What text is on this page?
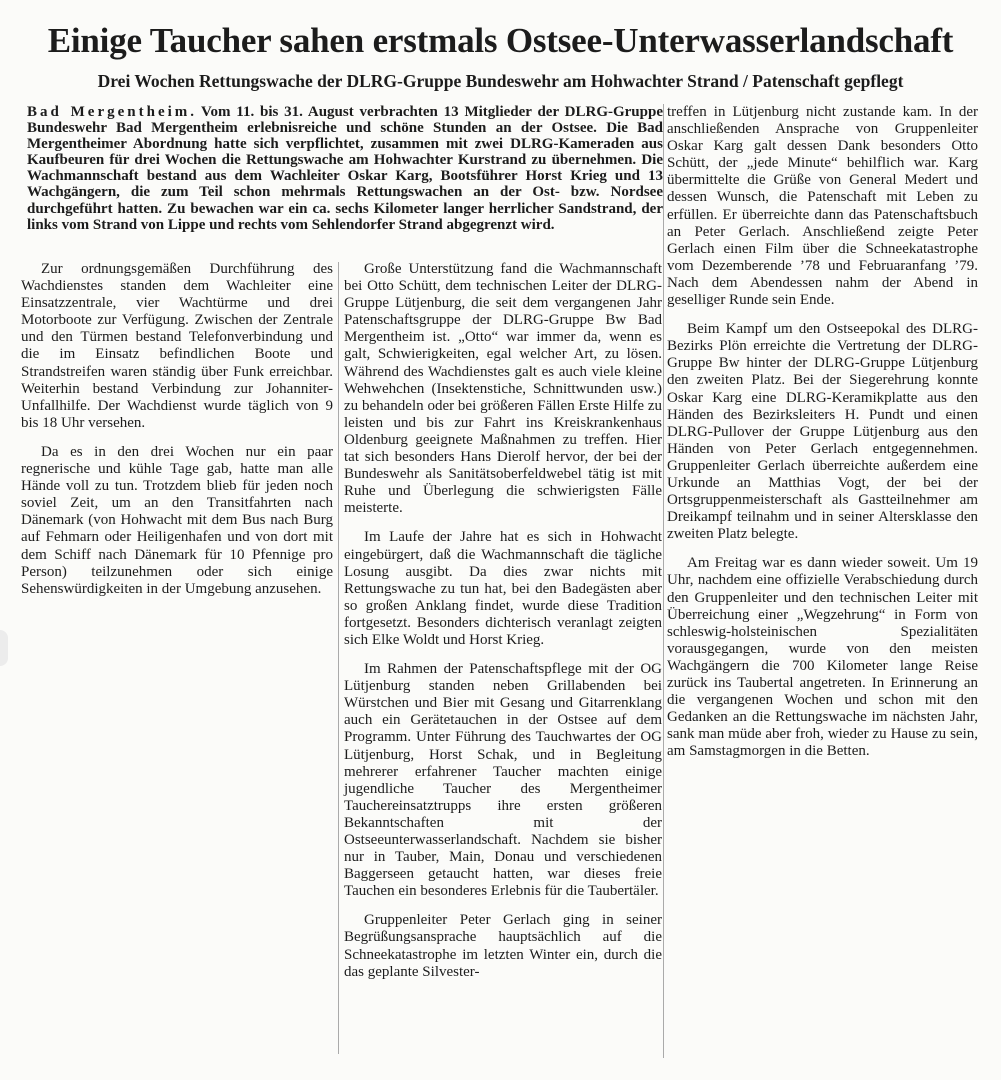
Einige Taucher sahen erstmals Ostsee-Unterwasserlandschaft
Drei Wochen Rettungswache der DLRG-Gruppe Bundeswehr am Hohwachter Strand / Patenschaft gepflegt
Bad Mergentheim. Vom 11. bis 31. August verbrachten 13 Mitglieder der DLRG-Gruppe Bundeswehr Bad Mergentheim erlebnisreiche und schöne Stunden an der Ostsee. Die Bad Mergentheimer Abordnung hatte sich verpflichtet, zusammen mit zwei DLRG-Kameraden aus Kaufbeuren für drei Wochen die Rettungswache am Hohwachter Kurstrand zu übernehmen. Die Wachmannschaft bestand aus dem Wachleiter Oskar Karg, Bootsführer Horst Krieg und 13 Wachgängern, die zum Teil schon mehrmals Rettungswachen an der Ost- bzw. Nordsee durchgeführt hatten. Zu bewachen war ein ca. sechs Kilometer langer herrlicher Sandstrand, der links vom Strand von Lippe und rechts vom Sehlendorfer Strand abgegrenzt wird.

Zur ordnungsgemäßen Durchführung des Wachdienstes standen dem Wachleiter eine Einsatzzentrale, vier Wachtürme und drei Motorboote zur Verfügung. Zwischen der Zentrale und den Türmen bestand Telefonverbindung und die im Einsatz befindlichen Boote und Strandstreifen waren ständig über Funk erreichbar. Weiterhin bestand Verbindung zur Johanniter-Unfallhilfe. Der Wachdienst wurde täglich von 9 bis 18 Uhr versehen.

Da es in den drei Wochen nur ein paar regnerische und kühle Tage gab, hatte man alle Hände voll zu tun. Trotzdem blieb für jeden noch soviel Zeit, um an den Transitfahrten nach Dänemark (von Hohwacht mit dem Bus nach Burg auf Fehmarn oder Heiligenhafen und von dort mit dem Schiff nach Dänemark für 10 Pfennige pro Person) teilzunehmen oder sich einige Sehenswürdigkeiten in der Umgebung anzusehen.

Große Unterstützung fand die Wachmannschaft bei Otto Schütt, dem technischen Leiter der DLRG-Gruppe Lütjenburg, die seit dem vergangenen Jahr Patenschaftsgruppe der DLRG-Gruppe Bw Bad Mergentheim ist. „Otto“ war immer da, wenn es galt, Schwierigkeiten, egal welcher Art, zu lösen. Während des Wachdienstes galt es auch viele kleine Wehwehchen (Insektenstiche, Schnittwunden usw.) zu behandeln oder bei größeren Fällen Erste Hilfe zu leisten und bis zur Fahrt ins Kreiskrankenhaus Oldenburg geeignete Maßnahmen zu treffen. Hier tat sich besonders Hans Dierolf hervor, der bei der Bundeswehr als Sanitätsoberfeldwebel tätig ist mit Ruhe und Überlegung die schwierigsten Fälle meisterte.

Im Laufe der Jahre hat es sich in Hohwacht eingebürgert, daß die Wachmannschaft die tägliche Losung ausgibt. Da dies zwar nichts mit Rettungswache zu tun hat, bei den Badegästen aber so großen Anklang findet, wurde diese Tradition fortgesetzt. Besonders dichterisch veranlagt zeigten sich Elke Woldt und Horst Krieg.

Im Rahmen der Patenschaftspflege mit der OG Lütjenburg standen neben Grillabenden bei Würstchen und Bier mit Gesang und Gitarrenklang auch ein Gerätetauchen in der Ostsee auf dem Programm. Unter Führung des Tauchwartes der OG Lütjenburg, Horst Schak, und in Begleitung mehrerer erfahrener Taucher machten einige jugendliche Taucher des Mergentheimer Tauchereinsatztrupps ihre ersten größeren Bekanntschaften mit der Ostseeunterwasserlandschaft. Nachdem sie bisher nur in Tauber, Main, Donau und verschiedenen Baggerseen getaucht hatten, war dieses freie Tauchen ein besonderes Erlebnis für die Taubertäler.

Gruppenleiter Peter Gerlach ging in seiner Begrüßungsansprache hauptsächlich auf die Schneekatastrophe im letzten Winter ein, durch die das geplante Silvester-

treffen in Lütjenburg nicht zustande kam. In der anschließenden Ansprache von Gruppenleiter Oskar Karg galt dessen Dank besonders Otto Schütt, der „jede Minute“ behilflich war. Karg übermittelte die Grüße von General Medert und dessen Wunsch, die Patenschaft mit Leben zu erfüllen. Er überreichte dann das Patenschaftsbuch an Peter Gerlach. Anschließend zeigte Peter Gerlach einen Film über die Schneekatastrophe vom Dezemberende ’78 und Februaranfang ’79. Nach dem Abendessen nahm der Abend in geselliger Runde sein Ende.

Beim Kampf um den Ostseepokal des DLRG-Bezirks Plön erreichte die Vertretung der DLRG-Gruppe Bw hinter der DLRG-Gruppe Lütjenburg den zweiten Platz. Bei der Siegerehrung konnte Oskar Karg eine DLRG-Keramikplatte aus den Händen des Bezirksleiters H. Pundt und einen DLRG-Pullover der Gruppe Lütjenburg aus den Händen von Peter Gerlach entgegennehmen. Gruppenleiter Gerlach überreichte außerdem eine Urkunde an Matthias Vogt, der bei der Ortsgruppenmeisterschaft als Gastteilnehmer am Dreikampf teilnahm und in seiner Altersklasse den zweiten Platz belegte.

Am Freitag war es dann wieder soweit. Um 19 Uhr, nachdem eine offizielle Verabschiedung durch den Gruppenleiter und den technischen Leiter mit Überreichung einer „Wegzehrung“ in Form von schleswig-holsteinischen Spezialitäten vorausgegangen, wurde von den meisten Wachgängern die 700 Kilometer lange Reise zurück ins Taubertal angetreten. In Erinnerung an die vergangenen Wochen und schon mit den Gedanken an die Rettungswache im nächsten Jahr, sank man müde aber froh, wieder zu Hause zu sein, am Samstagmorgen in die Betten.
